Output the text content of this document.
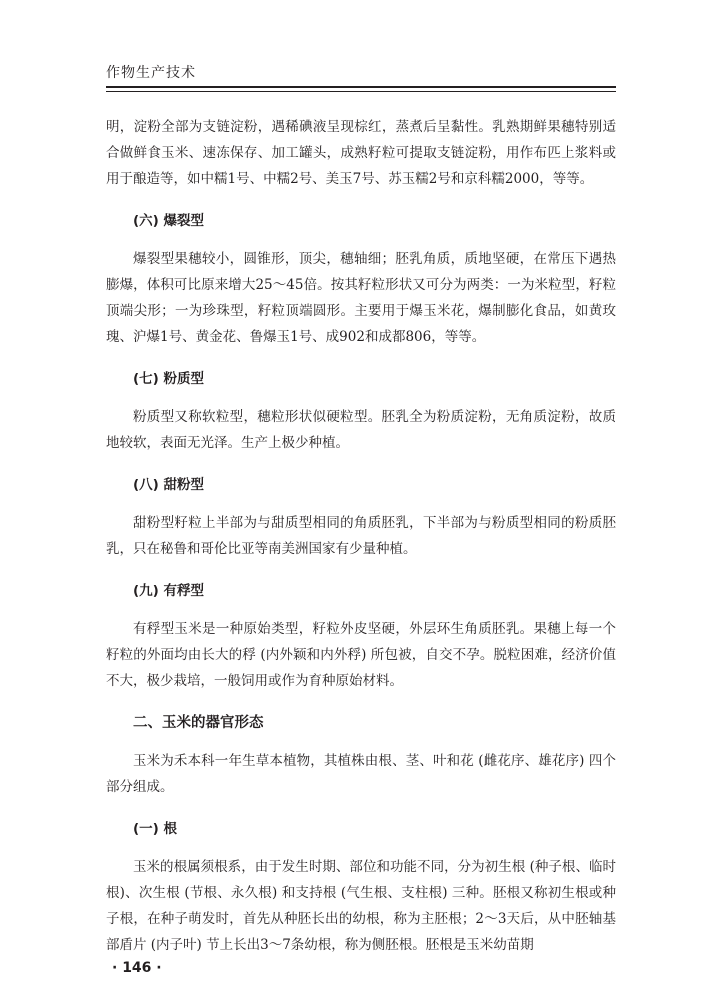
作物生产技术

明，淀粉全部为支链淀粉，遇稀碘液呈现棕红，蒸煮后呈黏性。乳熟期鲜果穗特别适合做鲜食玉米、速冻保存、加工罐头，成熟籽粒可提取支链淀粉，用作布匹上浆料或用于酿造等，如中糯1号、中糯2号、美玉7号、苏玉糯2号和京科糯2000，等等。

(六) 爆裂型

爆裂型果穗较小，圆锥形，顶尖，穗轴细；胚乳角质，质地坚硬，在常压下遇热膨爆，体积可比原来增大25～45倍。按其籽粒形状又可分为两类：一为米粒型，籽粒顶端尖形；一为珍珠型，籽粒顶端圆形。主要用于爆玉米花，爆制膨化食品，如黄玫瑰、沪爆1号、黄金花、鲁爆玉1号、成902和成都806，等等。

(七) 粉质型

粉质型又称软粒型，穗粒形状似硬粒型。胚乳全为粉质淀粉，无角质淀粉，故质地较软，表面无光泽。生产上极少种植。

(八) 甜粉型

甜粉型籽粒上半部为与甜质型相同的角质胚乳，下半部为与粉质型相同的粉质胚乳，只在秘鲁和哥伦比亚等南美洲国家有少量种植。

(九) 有稃型

有稃型玉米是一种原始类型，籽粒外皮坚硬，外层环生角质胚乳。果穗上每一个籽粒的外面均由长大的稃 (内外颖和内外稃) 所包被，自交不孕。脱粒困难，经济价值不大，极少栽培，一般饲用或作为育种原始材料。

二、玉米的器官形态

玉米为禾本科一年生草本植物，其植株由根、茎、叶和花 (雌花序、雄花序) 四个部分组成。

(一) 根

玉米的根属须根系，由于发生时期、部位和功能不同，分为初生根 (种子根、临时根)、次生根 (节根、永久根) 和支持根 (气生根、支柱根) 三种。胚根又称初生根或种子根，在种子萌发时，首先从种胚长出的幼根，称为主胚根；2～3天后，从中胚轴基部盾片 (内子叶) 节上长出3～7条幼根，称为侧胚根。胚根是玉米幼苗期

· 146 ·
